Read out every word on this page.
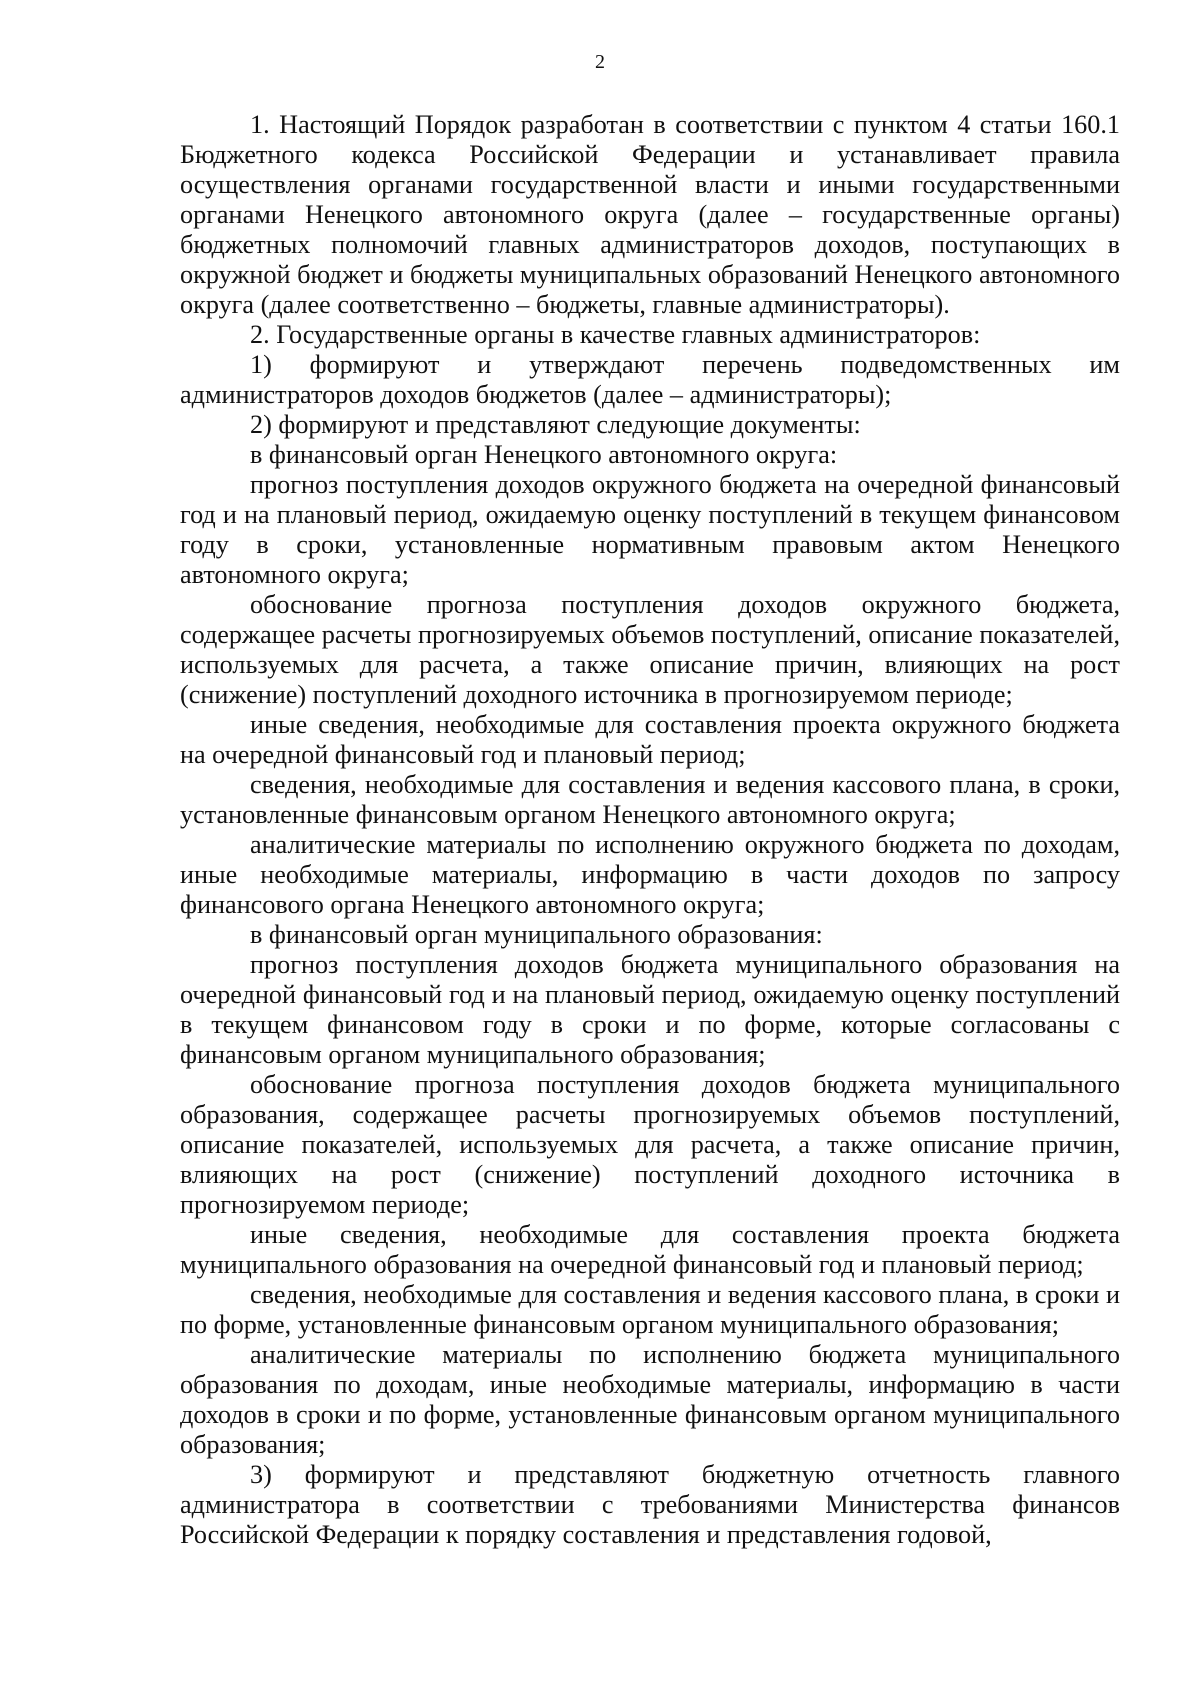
2

1. Настоящий Порядок разработан в соответствии с пунктом 4 статьи 160.1 Бюджетного кодекса Российской Федерации и устанавливает правила осуществления органами государственной власти и иными государственными органами Ненецкого автономного округа (далее – государственные органы) бюджетных полномочий главных администраторов доходов, поступающих в окружной бюджет и бюджеты муниципальных образований Ненецкого автономного округа (далее соответственно – бюджеты, главные администраторы).

2. Государственные органы в качестве главных администраторов:

1) формируют и утверждают перечень подведомственных им администраторов доходов бюджетов (далее – администраторы);

2) формируют и представляют следующие документы:

в финансовый орган Ненецкого автономного округа:

прогноз поступления доходов окружного бюджета на очередной финансовый год и на плановый период, ожидаемую оценку поступлений в текущем финансовом году в сроки, установленные нормативным правовым актом Ненецкого автономного округа;

обоснование прогноза поступления доходов окружного бюджета, содержащее расчеты прогнозируемых объемов поступлений, описание показателей, используемых для расчета, а также описание причин, влияющих на рост (снижение) поступлений доходного источника в прогнозируемом периоде;

иные сведения, необходимые для составления проекта окружного бюджета на очередной финансовый год и плановый период;

сведения, необходимые для составления и ведения кассового плана, в сроки, установленные финансовым органом Ненецкого автономного округа;

аналитические материалы по исполнению окружного бюджета по доходам, иные необходимые материалы, информацию в части доходов по запросу финансового органа Ненецкого автономного округа;

в финансовый орган муниципального образования:

прогноз поступления доходов бюджета муниципального образования на очередной финансовый год и на плановый период, ожидаемую оценку поступлений в текущем финансовом году в сроки и по форме, которые согласованы с финансовым органом муниципального образования;

обоснование прогноза поступления доходов бюджета муниципального образования, содержащее расчеты прогнозируемых объемов поступлений, описание показателей, используемых для расчета, а также описание причин, влияющих на рост (снижение) поступлений доходного источника в прогнозируемом периоде;

иные сведения, необходимые для составления проекта бюджета муниципального образования на очередной финансовый год и плановый период;

сведения, необходимые для составления и ведения кассового плана, в сроки и по форме, установленные финансовым органом муниципального образования;

аналитические материалы по исполнению бюджета муниципального образования по доходам, иные необходимые материалы, информацию в части доходов в сроки и по форме, установленные финансовым органом муниципального образования;

3) формируют и представляют бюджетную отчетность главного администратора в соответствии с требованиями Министерства финансов Российской Федерации к порядку составления и представления годовой,
